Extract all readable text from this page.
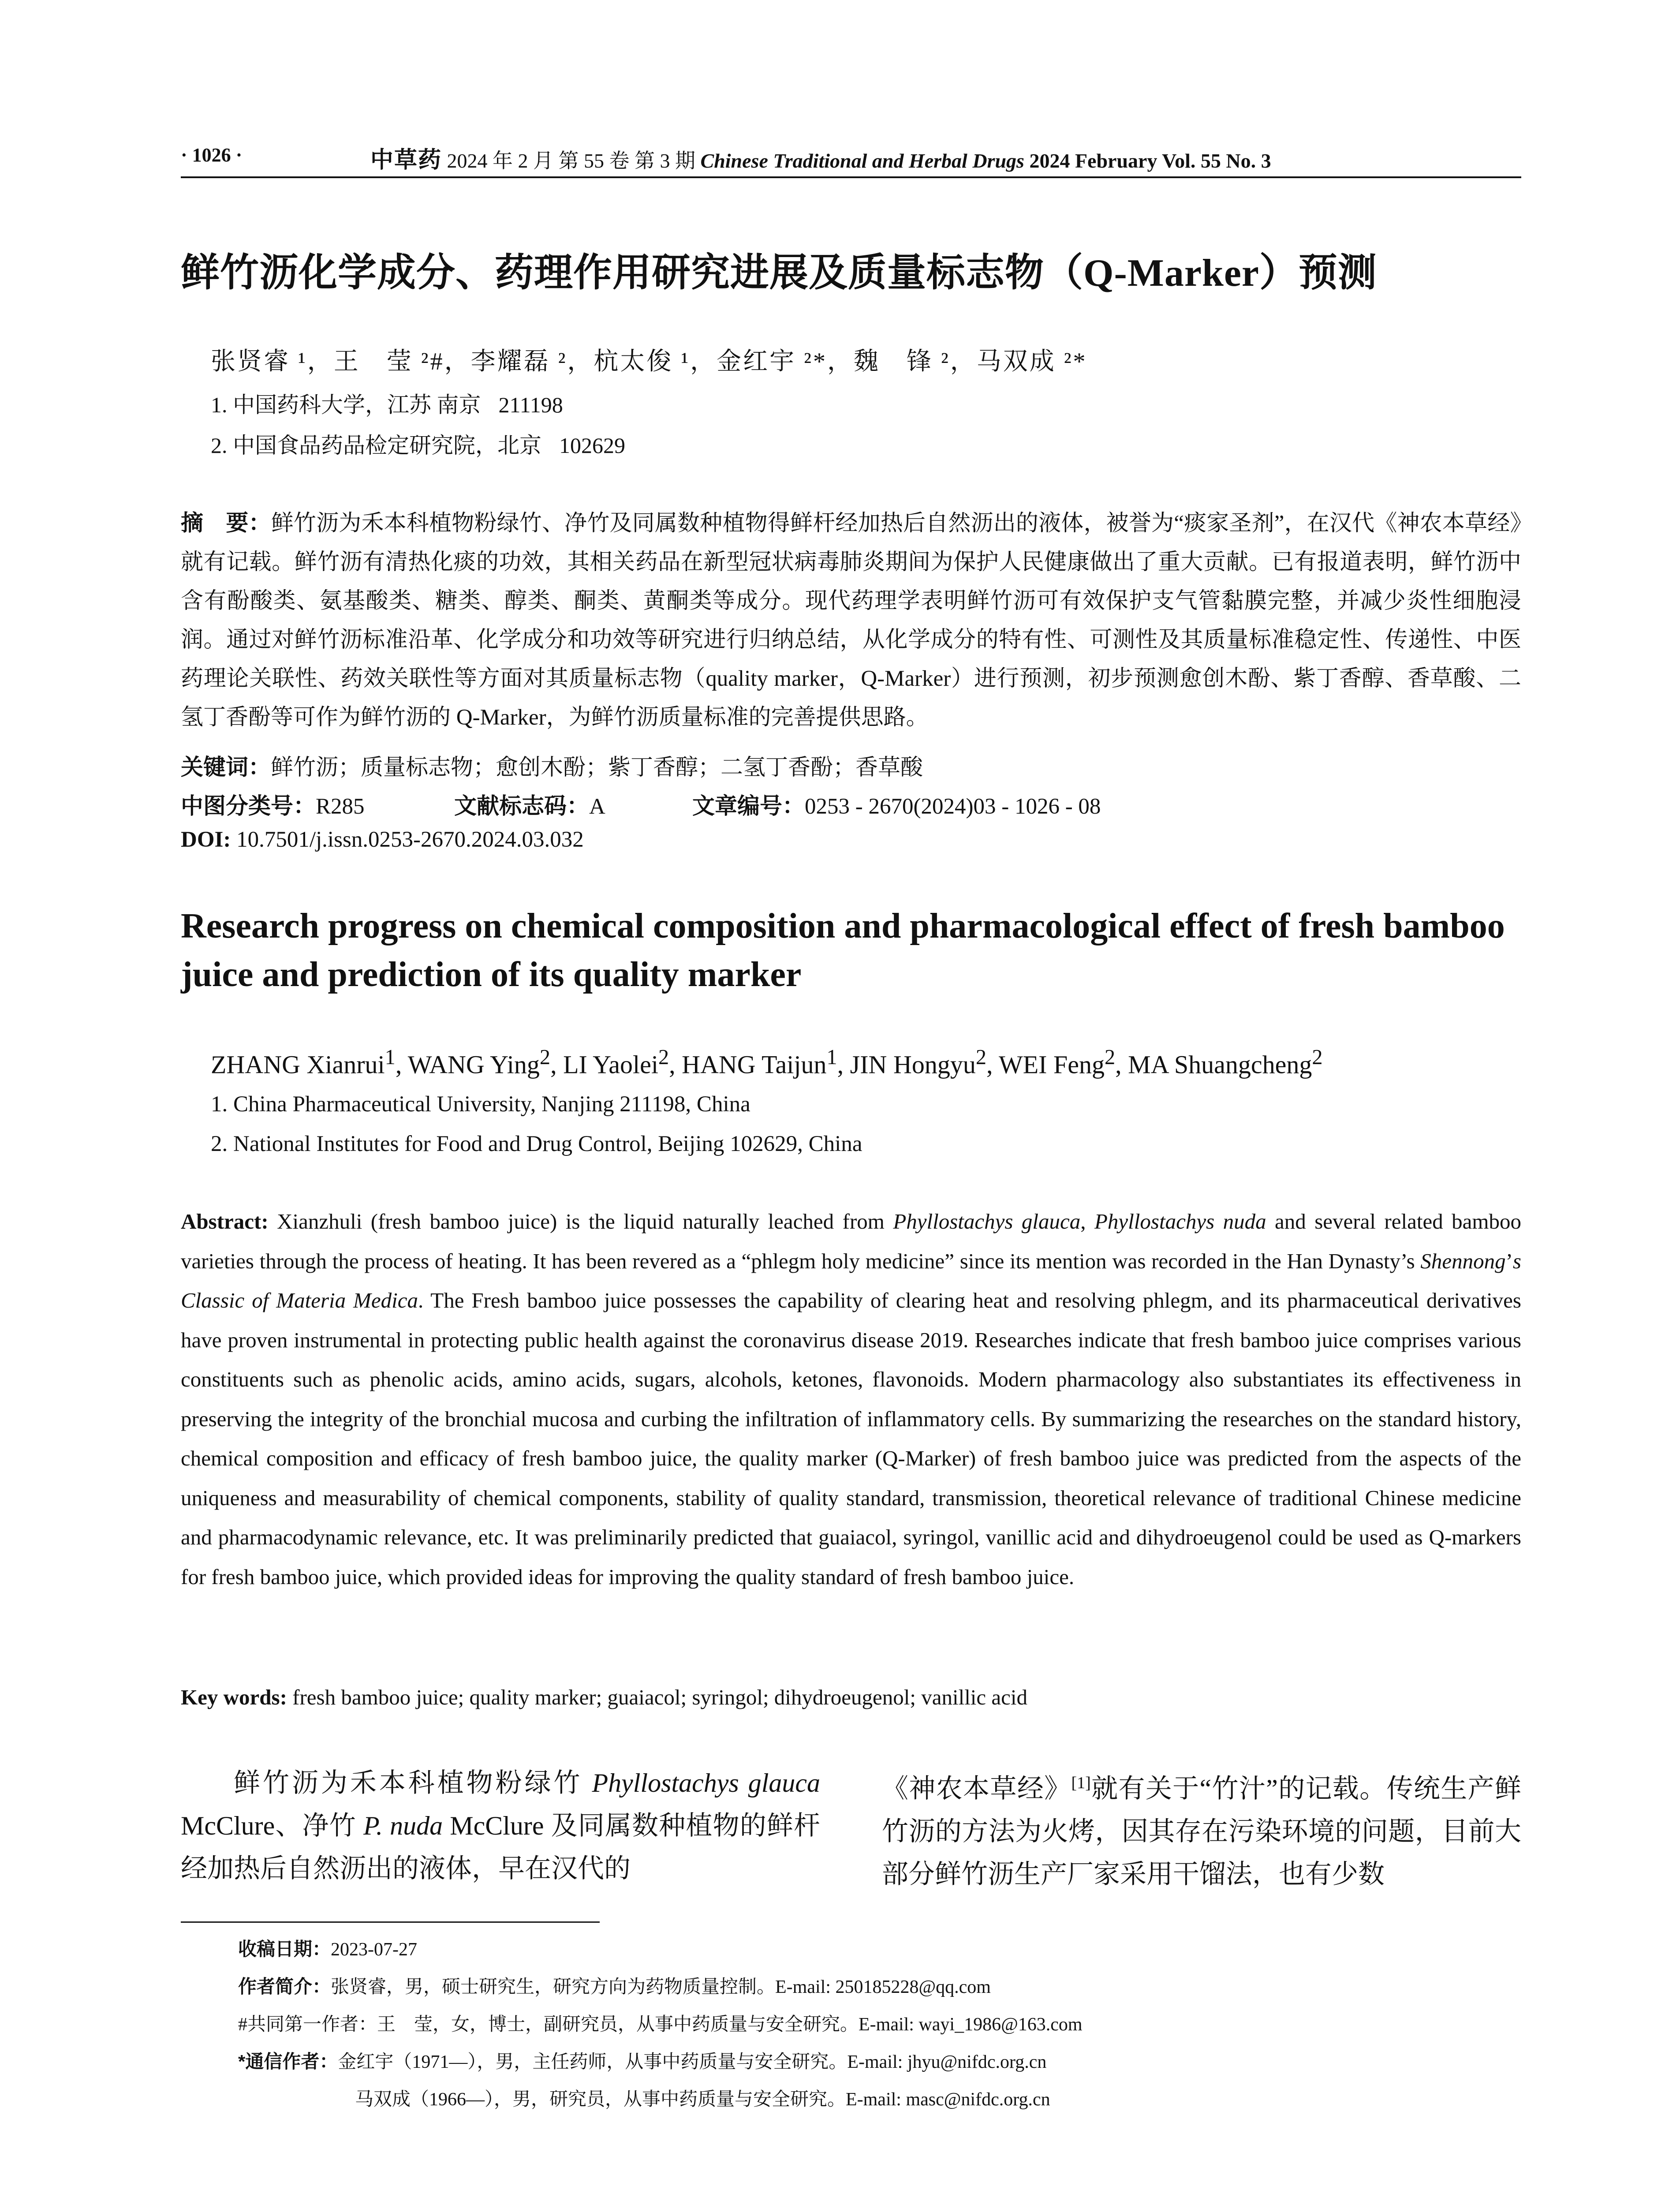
· 1026 ·	中草药 2024 年 2 月 第 55 卷 第 3 期 Chinese Traditional and Herbal Drugs 2024 February Vol. 55 No. 3
鲜竹沥化学成分、药理作用研究进展及质量标志物（Q-Marker）预测
张贤睿 ¹，王　莹 ²#，李耀磊 ²，杭太俊 ¹，金红宇 ²*，魏　锋 ²，马双成 ²*
1. 中国药科大学，江苏 南京 211198
2. 中国食品药品检定研究院，北京 102629
摘　要：鲜竹沥为禾本科植物粉绿竹、净竹及同属数种植物得鲜杆经加热后自然沥出的液体，被誉为“痰家圣剂”，在汉代《神农本草经》就有记载。鲜竹沥有清热化痰的功效，其相关药品在新型冠状病毒肺炎期间为保护人民健康做出了重大贡献。已有报道表明，鲜竹沥中含有酚酸类、氨基酸类、糖类、醇类、酮类、黄酮类等成分。现代药理学表明鲜竹沥可有效保护支气管黏膜完整，并减少炎性细胞浸润。通过对鲜竹沥标准沿革、化学成分和功效等研究进行归纳总结，从化学成分的特有性、可测性及其质量标准稳定性、传递性、中医药理论关联性、药效关联性等方面对其质量标志物（quality marker，Q-Marker）进行预测，初步预测愈创木酚、紫丁香醇、香草酸、二氢丁香酚等可作为鲜竹沥的 Q-Marker，为鲜竹沥质量标准的完善提供思路。
关键词：鲜竹沥；质量标志物；愈创木酚；紫丁香醇；二氢丁香酚；香草酸
中图分类号：R285	文献标志码：A	文章编号：0253 - 2670(2024)03 - 1026 - 08
DOI: 10.7501/j.issn.0253-2670.2024.03.032
Research progress on chemical composition and pharmacological effect of fresh bamboo juice and prediction of its quality marker
ZHANG Xianrui$^1$, WANG Ying$^2$, LI Yaolei$^2$, HANG Taijun$^1$, JIN Hongyu$^2$, WEI Feng$^2$, MA Shuangcheng$^2$
1. China Pharmaceutical University, Nanjing 211198, China
2. National Institutes for Food and Drug Control, Beijing 102629, China
Abstract: Xianzhuli (fresh bamboo juice) is the liquid naturally leached from Phyllostachys glauca, Phyllostachys nuda and several related bamboo varieties through the process of heating. It has been revered as a “phlegm holy medicine” since its mention was recorded in the Han Dynasty’s Shennong’s Classic of Materia Medica. The Fresh bamboo juice possesses the capability of clearing heat and resolving phlegm, and its pharmaceutical derivatives have proven instrumental in protecting public health against the coronavirus disease 2019. Researches indicate that fresh bamboo juice comprises various constituents such as phenolic acids, amino acids, sugars, alcohols, ketones, flavonoids. Modern pharmacology also substantiates its effectiveness in preserving the integrity of the bronchial mucosa and curbing the infiltration of inflammatory cells. By summarizing the researches on the standard history, chemical composition and efficacy of fresh bamboo juice, the quality marker (Q-Marker) of fresh bamboo juice was predicted from the aspects of the uniqueness and measurability of chemical components, stability of quality standard, transmission, theoretical relevance of traditional Chinese medicine and pharmacodynamic relevance, etc. It was preliminarily predicted that guaiacol, syringol, vanillic acid and dihydroeugenol could be used as Q-markers for fresh bamboo juice, which provided ideas for improving the quality standard of fresh bamboo juice.
Key words: fresh bamboo juice; quality marker; guaiacol; syringol; dihydroeugenol; vanillic acid
鲜竹沥为禾本科植物粉绿竹 Phyllostachys glauca McClure、净竹 P. nuda McClure 及同属数种植物的鲜杆经加热后自然沥出的液体，早在汉代的
《神农本草经》[1]就有关于“竹汁”的记载。传统生产鲜竹沥的方法为火烤，因其存在污染环境的问题，目前大部分鲜竹沥生产厂家采用干馏法，也有少数
收稿日期：2023-07-27
作者简介：张贤睿，男，硕士研究生，研究方向为药物质量控制。E-mail: 250185228@qq.com
#共同第一作者：王　莹，女，博士，副研究员，从事中药质量与安全研究。E-mail: wayi_1986@163.com
*通信作者：金红宇（1971—），男，主任药师，从事中药质量与安全研究。E-mail: jhyu@nifdc.org.cn
马双成（1966—），男，研究员，从事中药质量与安全研究。E-mail: masc@nifdc.org.cn
